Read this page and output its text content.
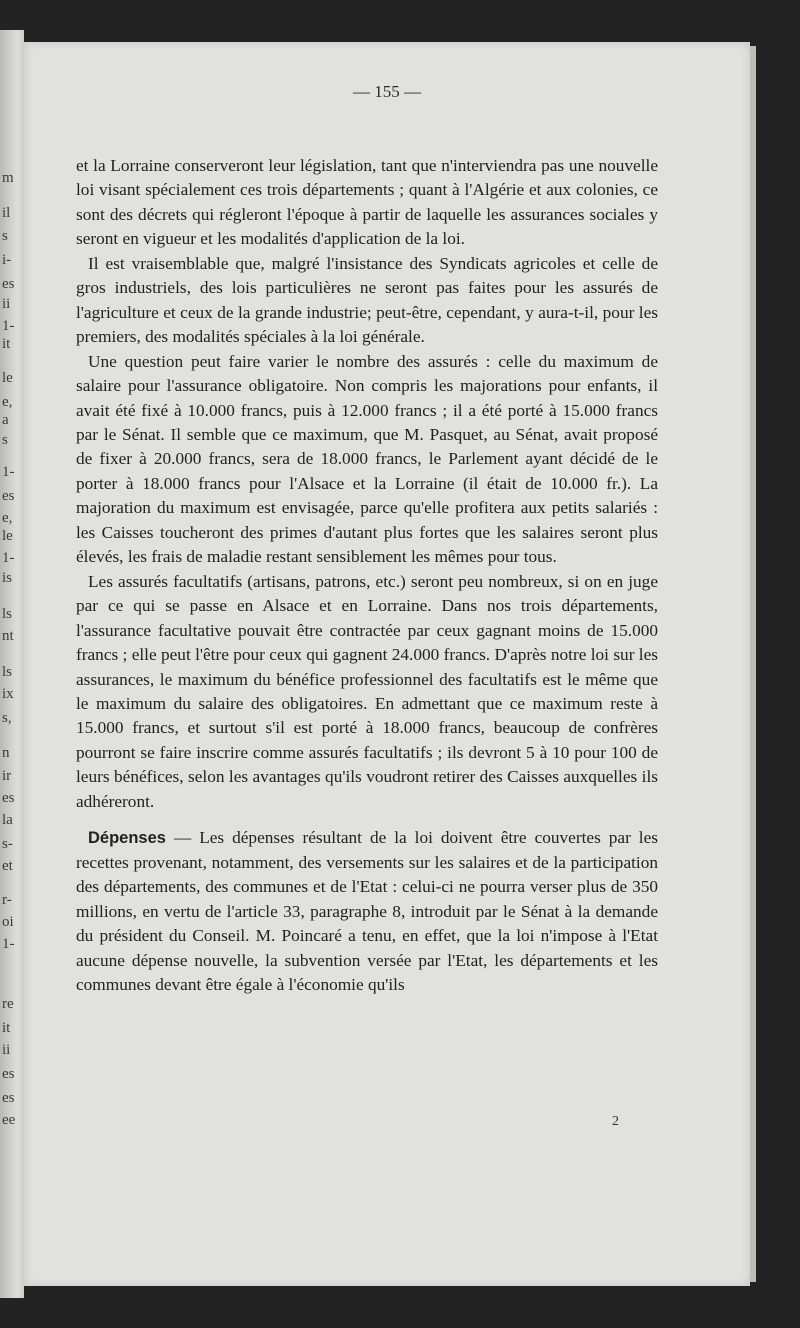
m
il
s
i-
es
ii
1-
it
le
e,
a
s
1-
es
e,
le
1-
is
ls
nt
ls
ix
s,
n
ir
es
la
s-
et
r-
oi
1-
re
it
ii
es
es
ee
— 155 —

et la Lorraine conserveront leur législation, tant que n'interviendra pas une nouvelle loi visant spécialement ces trois départements ; quant à l'Algérie et aux colonies, ce sont des décrets qui régleront l'époque à partir de laquelle les assurances sociales y seront en vigueur et les modalités d'application de la loi.

Il est vraisemblable que, malgré l'insistance des Syndicats agricoles et celle de gros industriels, des lois particulières ne seront pas faites pour les assurés de l'agriculture et ceux de la grande industrie; peut-être, cependant, y aura-t-il, pour les premiers, des modalités spéciales à la loi générale.

Une question peut faire varier le nombre des assurés : celle du maximum de salaire pour l'assurance obligatoire. Non compris les majorations pour enfants, il avait été fixé à 10.000 francs, puis à 12.000 francs ; il a été porté à 15.000 francs par le Sénat. Il semble que ce maximum, que M. Pasquet, au Sénat, avait proposé de fixer à 20.000 francs, sera de 18.000 francs, le Parlement ayant décidé de le porter à 18.000 francs pour l'Alsace et la Lorraine (il était de 10.000 fr.). La majoration du maximum est envisagée, parce qu'elle profitera aux petits salariés : les Caisses toucheront des primes d'autant plus fortes que les salaires seront plus élevés, les frais de maladie restant sensiblement les mêmes pour tous.

Les assurés facultatifs (artisans, patrons, etc.) seront peu nombreux, si on en juge par ce qui se passe en Alsace et en Lorraine. Dans nos trois départements, l'assurance facultative pouvait être contractée par ceux gagnant moins de 15.000 francs ; elle peut l'être pour ceux qui gagnent 24.000 francs. D'après notre loi sur les assurances, le maximum du bénéfice professionnel des facultatifs est le même que le maximum du salaire des obligatoires. En admettant que ce maximum reste à 15.000 francs, et surtout s'il est porté à 18.000 francs, beaucoup de confrères pourront se faire inscrire comme assurés facultatifs ; ils devront 5 à 10 pour 100 de leurs bénéfices, selon les avantages qu'ils voudront retirer des Caisses auxquelles ils adhéreront.

Dépenses — Les dépenses résultant de la loi doivent être couvertes par les recettes provenant, notamment, des versements sur les salaires et de la participation des départements, des communes et de l'Etat : celui-ci ne pourra verser plus de 350 millions, en vertu de l'article 33, paragraphe 8, introduit par le Sénat à la demande du président du Conseil. M. Poincaré a tenu, en effet, que la loi n'impose à l'Etat aucune dépense nouvelle, la subvention versée par l'Etat, les départements et les communes devant être égale à l'économie qu'ils

2
